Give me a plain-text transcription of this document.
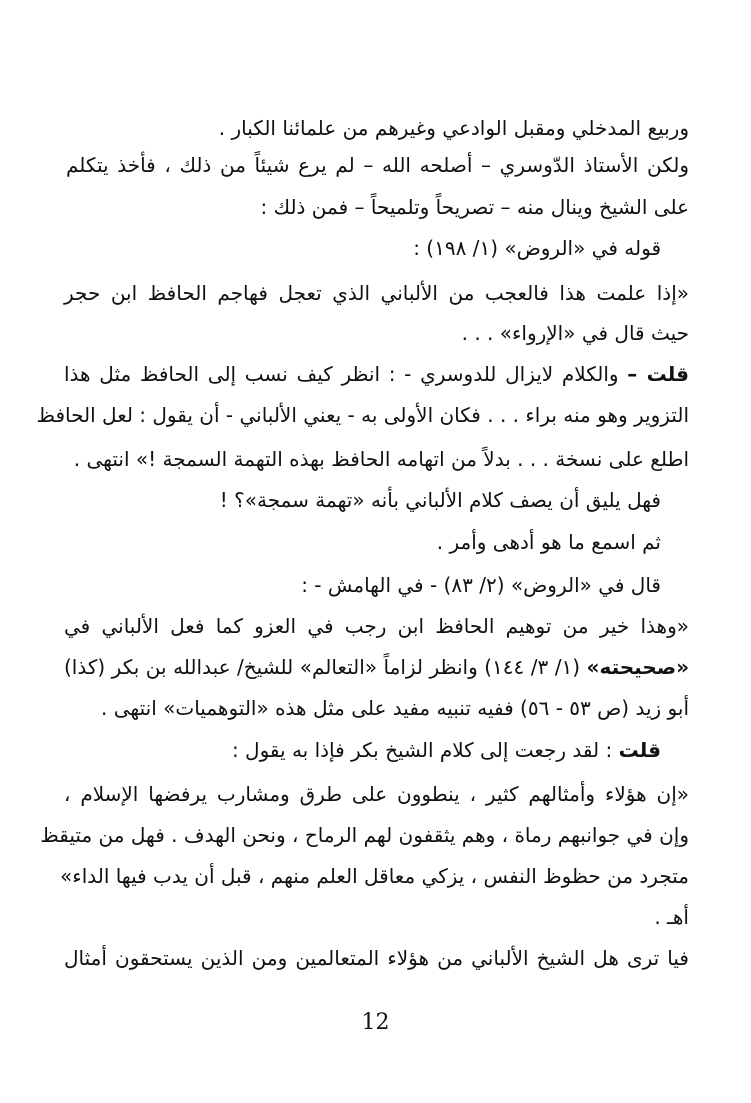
وربيع المدخلي ومقبل الوادعي وغيرهم من علمائنا الكبار .
ولكن الأستاذ الدّوسري – أصلحه الله – لم يرع شيئاً من ذلك ، فأخذ يتكلم
على الشيخ وينال منه – تصريحاً وتلميحاً – فمن ذلك :
قوله في «الروض» (١/ ١٩٨) :
«إذا علمت هذا فالعجب من الألباني الذي تعجل فهاجم الحافظ ابن حجر
حيث قال في «الإرواء» . . .
قلت – والكلام لايزال للدوسري - : انظر كيف نسب إلى الحافظ مثل هذا
التزوير وهو منه براء . . . فكان الأولى به - يعني الألباني - أن يقول : لعل الحافظ
اطلع على نسخة . . . بدلاً من اتهامه الحافظ بهذه التهمة السمجة !» انتهى .
فهل يليق أن يصف كلام الألباني بأنه «تهمة سمجة»؟ !
ثم اسمع ما هو أدهى وأمر .
قال في «الروض» (٢/ ٨٣) - في الهامش - :
«وهذا خير من توهيم الحافظ ابن رجب في العزو كما فعل الألباني في
«صحيحته» (١/ ٣/ ١٤٤) وانظر لزاماً «التعالم» للشيخ/ عبدالله بن بكر (كذا)
أبو زيد (ص ٥٣ - ٥٦) ففيه تنبيه مفيد على مثل هذه «التوهميات» انتهى .
قلت : لقد رجعت إلى كلام الشيخ بكر فإذا به يقول :
«إن هؤلاء وأمثالهم كثير ، ينطوون على طرق ومشارب يرفضها الإسلام ،
وإن في جوانبهم رماة ، وهم يثقفون لهم الرماح ، ونحن الهدف . فهل من متيقظ
متجرد من حظوظ النفس ، يزكي معاقل العلم منهم ، قبل أن يدب فيها الداء»
أهـ .
فيا ترى هل الشيخ الألباني من هؤلاء المتعالمين ومن الذين يستحقون أمثال
12
